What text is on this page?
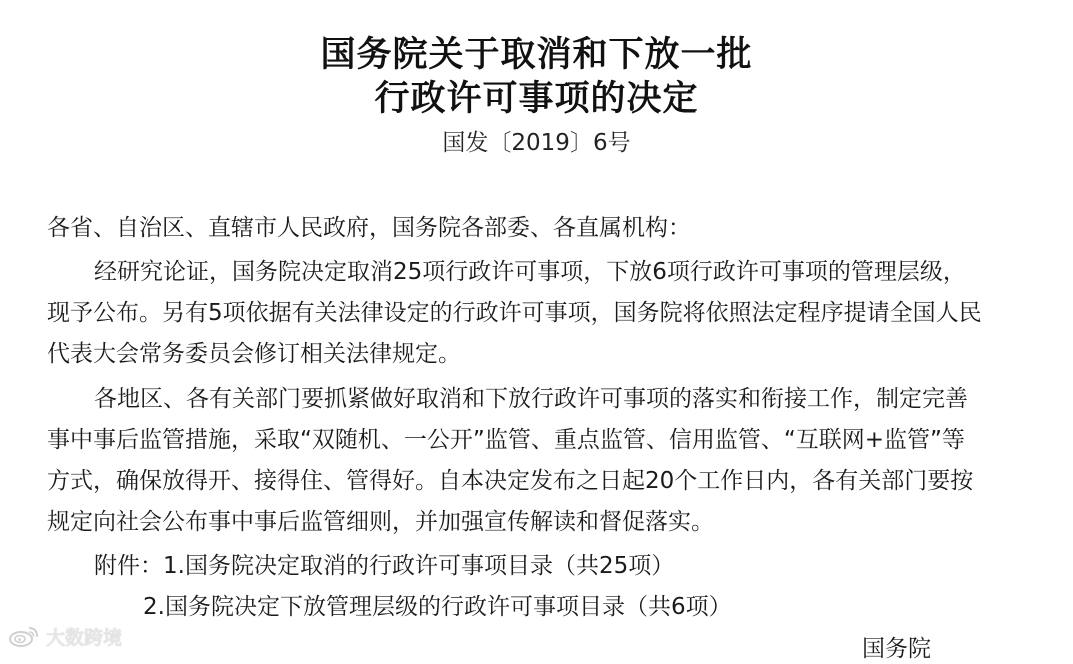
国务院关于取消和下放一批
行政许可事项的决定
国发〔2019〕6号
各省、自治区、直辖市人民政府，国务院各部委、各直属机构：
经研究论证，国务院决定取消25项行政许可事项，下放6项行政许可事项的管理层级，
现予公布。另有5项依据有关法律设定的行政许可事项，国务院将依照法定程序提请全国人民
代表大会常务委员会修订相关法律规定。
各地区、各有关部门要抓紧做好取消和下放行政许可事项的落实和衔接工作，制定完善
事中事后监管措施，采取“双随机、一公开”监管、重点监管、信用监管、“互联网+监管”等
方式，确保放得开、接得住、管得好。自本决定发布之日起20个工作日内，各有关部门要按
规定向社会公布事中事后监管细则，并加强宣传解读和督促落实。
附件：1.国务院决定取消的行政许可事项目录（共25项）
2.国务院决定下放管理层级的行政许可事项目录（共6项）
国务院
大数跨境
